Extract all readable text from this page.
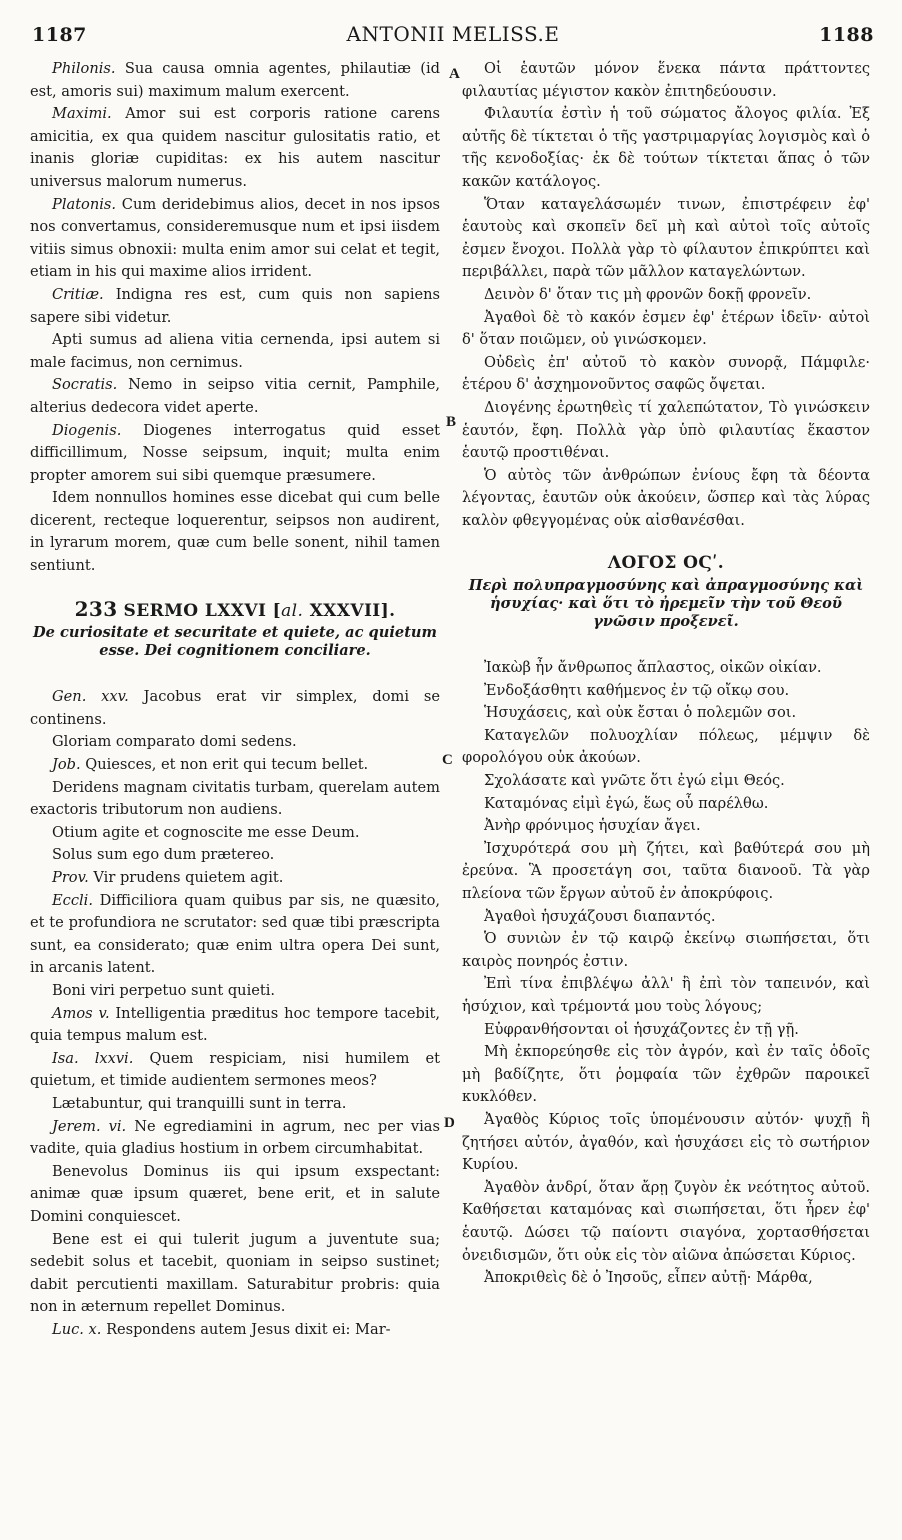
1187	ANTONII MELISS.E	1188
A
B
C
D

Philonis. Sua causa omnia agentes, philautiæ (id est, amoris sui) maximum malum exercent.

Maximi. Amor sui est corporis ratione carens amicitia, ex qua quidem nascitur gulositatis ratio, et inanis gloriæ cupiditas: ex his autem nascitur universus malorum numerus.

Platonis. Cum deridebimus alios, decet in nos ipsos nos convertamus, consideremusque num et ipsi iisdem vitiis simus obnoxii: multa enim amor sui celat et tegit, etiam in his qui maxime alios irrident.

Critiæ. Indigna res est, cum quis non sapiens sapere sibi videtur.

Apti sumus ad aliena vitia cernenda, ipsi autem si male facimus, non cernimus.

Socratis. Nemo in seipso vitia cernit, Pamphile, alterius dedecora videt aperte.

Diogenis. Diogenes interrogatus quid esset difficillimum, Nosse seipsum, inquit; multa enim propter amorem sui sibi quemque præsumere.

Idem nonnullos homines esse dicebat qui cum belle dicerent, recteque loquerentur, seipsos non audirent, in lyrarum morem, quæ cum belle sonent, nihil tamen sentiunt.

233 SERMO LXXVI [al. XXXVII].
De curiositate et securitate et quiete, ac quietum esse. Dei cognitionem conciliare.

Gen. xxv. Jacobus erat vir simplex, domi se continens.

Gloriam comparato domi sedens.

Job. Quiesces, et non erit qui tecum bellet.

Deridens magnam civitatis turbam, querelam autem exactoris tributorum non audiens.

Otium agite et cognoscite me esse Deum.

Solus sum ego dum prætereo.

Prov. Vir prudens quietem agit.

Eccli. Difficiliora quam quibus par sis, ne quæsito, et te profundiora ne scrutator: sed quæ tibi præscripta sunt, ea considerato; quæ enim ultra opera Dei sunt, in arcanis latent.

Boni viri perpetuo sunt quieti.

Amos v. Intelligentia præditus hoc tempore tacebit, quia tempus malum est.

Isa. lxxvi. Quem respiciam, nisi humilem et quietum, et timide audientem sermones meos?

Lætabuntur, qui tranquilli sunt in terra.

Jerem. vi. Ne egrediamini in agrum, nec per vias vadite, quia gladius hostium in orbem circumhabitat.

Benevolus Dominus iis qui ipsum exspectant: animæ quæ ipsum quæret, bene erit, et in salute Domini conquiescet.

Bene est ei qui tulerit jugum a juventute sua; sedebit solus et tacebit, quoniam in seipso sustinet; dabit percutienti maxillam. Saturabitur probris: quia non in æternum repellet Dominus.

Luc. x. Respondens autem Jesus dixit ei: Mar-

Οἱ ἑαυτῶν μόνον ἕνεκα πάντα πράττοντες φιλαυτίας μέγιστον κακὸν ἐπιτηδεύουσιν.

Φιλαυτία ἐστὶν ἡ τοῦ σώματος ἄλογος φιλία. Ἐξ αὐτῆς δὲ τίκτεται ὁ τῆς γαστριμαργίας λογισμὸς καὶ ὁ τῆς κενοδοξίας· ἐκ δὲ τούτων τίκτεται ἅπας ὁ τῶν κακῶν κατάλογος.

Ὅταν καταγελάσωμέν τινων, ἐπιστρέφειν ἐφ' ἑαυτοὺς καὶ σκοπεῖν δεῖ μὴ καὶ αὐτοὶ τοῖς αὐτοῖς ἐσμεν ἔνοχοι. Πολλὰ γὰρ τὸ φίλαυτον ἐπικρύπτει καὶ περιβάλλει, παρὰ τῶν μᾶλλον καταγελώντων.

Δεινὸν δ' ὅταν τις μὴ φρονῶν δοκῇ φρονεῖν.

Ἀγαθοὶ δὲ τὸ κακόν ἐσμεν ἐφ' ἑτέρων ἰδεῖν· αὐτοὶ δ' ὅταν ποιῶμεν, οὐ γινώσκομεν.

Οὐδεὶς ἐπ' αὐτοῦ τὸ κακὸν συνορᾷ, Πάμφιλε· ἑτέρου δ' ἀσχημονοῦντος σαφῶς ὄψεται.

Διογένης ἐρωτηθεὶς τί χαλεπώτατον, Τὸ γινώσκειν ἑαυτόν, ἔφη. Πολλὰ γὰρ ὑπὸ φιλαυτίας ἕκαστον ἑαυτῷ προστιθέναι.

Ὁ αὐτὸς τῶν ἀνθρώπων ἐνίους ἔφη τὰ δέοντα λέγοντας, ἑαυτῶν οὐκ ἀκούειν, ὥσπερ καὶ τὰς λύρας καλὸν φθεγγομένας οὐκ αἰσθανέσθαι.

ΛΟΓΟΣ ΟϚʹ.
Περὶ πολυπραγμοσύνης καὶ ἀπραγμοσύνης καὶ ἡσυχίας· καὶ ὅτι τὸ ἠρεμεῖν τὴν τοῦ Θεοῦ γνῶσιν προξενεῖ.

Ἰακὼβ ἦν ἄνθρωπος ἄπλαστος, οἰκῶν οἰκίαν.

Ἐνδοξάσθητι καθήμενος ἐν τῷ οἴκῳ σου.

Ἡσυχάσεις, καὶ οὐκ ἔσται ὁ πολεμῶν σοι.

Καταγελῶν πολυοχλίαν πόλεως, μέμψιν δὲ φορολόγου οὐκ ἀκούων.

Σχολάσατε καὶ γνῶτε ὅτι ἐγώ εἰμι Θεός.

Καταμόνας εἰμὶ ἐγώ, ἕως οὗ παρέλθω.

Ἀνὴρ φρόνιμος ἡσυχίαν ἄγει.

Ἰσχυρότερά σου μὴ ζήτει, καὶ βαθύτερά σου μὴ ἐρεύνα. Ἃ προσετάγη σοι, ταῦτα διανοοῦ. Τὰ γὰρ πλείονα τῶν ἔργων αὐτοῦ ἐν ἀποκρύφοις.

Ἀγαθοὶ ἡσυχάζουσι διαπαντός.

Ὁ συνιὼν ἐν τῷ καιρῷ ἐκείνῳ σιωπήσεται, ὅτι καιρὸς πονηρός ἐστιν.

Ἐπὶ τίνα ἐπιβλέψω ἀλλ' ἢ ἐπὶ τὸν ταπεινόν, καὶ ἡσύχιον, καὶ τρέμοντά μου τοὺς λόγους;

Εὐφρανθήσονται οἱ ἡσυχάζοντες ἐν τῇ γῇ.

Μὴ ἐκπορεύησθε εἰς τὸν ἀγρόν, καὶ ἐν ταῖς ὁδοῖς μὴ βαδίζητε, ὅτι ῥομφαία τῶν ἐχθρῶν παροικεῖ κυκλόθεν.

Ἀγαθὸς Κύριος τοῖς ὑπομένουσιν αὐτόν· ψυχῇ ἣ ζητήσει αὐτόν, ἀγαθόν, καὶ ἡσυχάσει εἰς τὸ σωτήριον Κυρίου.

Ἀγαθὸν ἀνδρί, ὅταν ἄρῃ ζυγὸν ἐκ νεότητος αὐτοῦ. Καθήσεται καταμόνας καὶ σιωπήσεται, ὅτι ἦρεν ἐφ' ἑαυτῷ. Δώσει τῷ παίοντι σιαγόνα, χορτασθήσεται ὀνειδισμῶν, ὅτι οὐκ εἰς τὸν αἰῶνα ἀπώσεται Κύριος.

Ἀποκριθεὶς δὲ ὁ Ἰησοῦς, εἶπεν αὐτῇ· Μάρθα,
